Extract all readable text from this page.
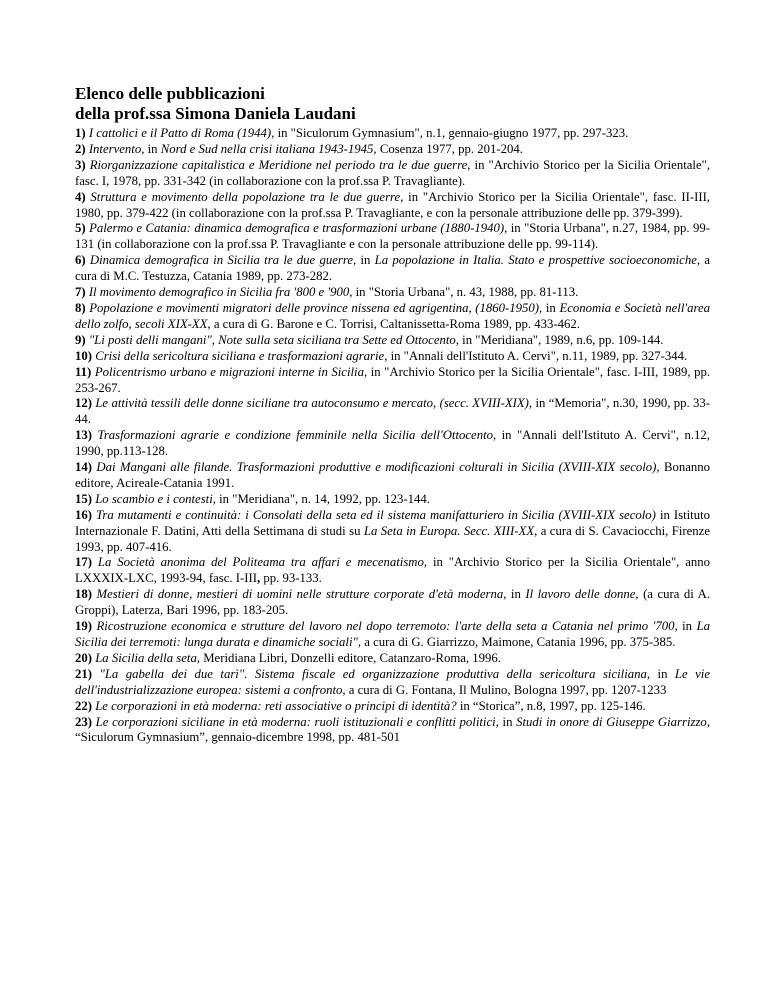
Elenco delle pubblicazioni
della prof.ssa Simona Daniela Laudani
1) I cattolici e il Patto di Roma (1944), in "Siculorum Gymnasium", n.1, gennaio-giugno 1977, pp. 297-323.
2) Intervento, in Nord e Sud nella crisi italiana 1943-1945, Cosenza 1977, pp. 201-204.
3) Riorganizzazione capitalistica e Meridione nel periodo tra le due guerre, in "Archivio Storico per la Sicilia Orientale", fasc. I, 1978, pp. 331-342 (in collaborazione con la prof.ssa P. Travagliante).
4) Struttura e movimento della popolazione tra le due guerre, in "Archivio Storico per la Sicilia Orientale", fasc. II-III, 1980, pp. 379-422 (in collaborazione con la prof.ssa P. Travagliante, e con la personale attribuzione delle pp. 379-399).
5) Palermo e Catania: dinamica demografica e trasformazioni urbane (1880-1940), in "Storia Urbana", n.27, 1984, pp. 99-131 (in collaborazione con la prof.ssa P. Travagliante e con la personale attribuzione delle pp. 99-114).
6) Dinamica demografica in Sicilia tra le due guerre, in La popolazione in Italia. Stato e prospettive socioeconomiche, a cura di M.C. Testuzza, Catania 1989, pp. 273-282.
7) Il movimento demografico in Sicilia fra '800 e '900, in "Storia Urbana", n. 43, 1988, pp. 81-113.
8) Popolazione e movimenti migratori delle province nissena ed agrigentina, (1860-1950), in Economia e Società nell'area dello zolfo, secoli XIX-XX, a cura di G. Barone e C. Torrisi, Caltanissetta-Roma 1989, pp. 433-462.
9) "Li posti delli mangani", Note sulla seta siciliana tra Sette ed Ottocento, in "Meridiana", 1989, n.6, pp. 109-144.
10) Crisi della sericoltura siciliana e trasformazioni agrarie, in "Annali dell'Istituto A. Cervi", n.11, 1989, pp. 327-344.
11) Policentrismo urbano e migrazioni interne in Sicilia, in "Archivio Storico per la Sicilia Orientale", fasc. I-III, 1989, pp. 253-267.
12) Le attività tessili delle donne siciliane tra autoconsumo e mercato, (secc. XVIII-XIX), in “Memoria", n.30, 1990, pp. 33-44.
13) Trasformazioni agrarie e condizione femminile nella Sicilia dell'Ottocento, in "Annali dell'Istituto A. Cervi", n.12, 1990, pp.113-128.
14) Dai Mangani alle filande. Trasformazioni produttive e modificazioni colturali in Sicilia (XVIII-XIX secolo), Bonanno editore, Acireale-Catania 1991.
15) Lo scambio e i contesti, in "Meridiana", n. 14, 1992, pp. 123-144.
16) Tra mutamenti e continuità: i Consolati della seta ed il sistema manifatturiero in Sicilia (XVIII-XIX secolo) in Istituto Internazionale F. Datini, Atti della Settimana di studi su La Seta in Europa. Secc. XIII-XX, a cura di S. Cavaciocchi, Firenze 1993, pp. 407-416.
17) La Società anonima del Politeama tra affari e mecenatismo, in "Archivio Storico per la Sicilia Orientale", anno LXXXIX-LXC, 1993-94, fasc. I-III, pp. 93-133.
18) Mestieri di donne, mestieri di uomini nelle strutture corporate d'età moderna, in Il lavoro delle donne, (a cura di A. Groppi), Laterza, Bari 1996, pp. 183-205.
19) Ricostruzione economica e strutture del lavoro nel dopo terremoto: l'arte della seta a Catania nel primo '700, in La Sicilia dei terremoti: lunga durata e dinamiche sociali", a cura di G. Giarrizzo, Maimone, Catania 1996, pp. 375-385.
20) La Sicilia della seta, Meridiana Libri, Donzelli editore, Catanzaro-Roma, 1996.
21) "La gabella dei due tarì". Sistema fiscale ed organizzazione produttiva della sericoltura siciliana, in Le vie dell'industrializzazione europea: sistemi a confronto, a cura di G. Fontana, Il Mulino, Bologna 1997, pp. 1207-1233
22) Le corporazioni in età moderna: reti associative o principi di identità? in “Storica”, n.8, 1997, pp. 125-146.
23) Le corporazioni siciliane in età moderna: ruoli istituzionali e conflitti politici, in Studi in onore di Giuseppe Giarrizzo, “Siculorum Gymnasium”, gennaio-dicembre 1998, pp. 481-501
